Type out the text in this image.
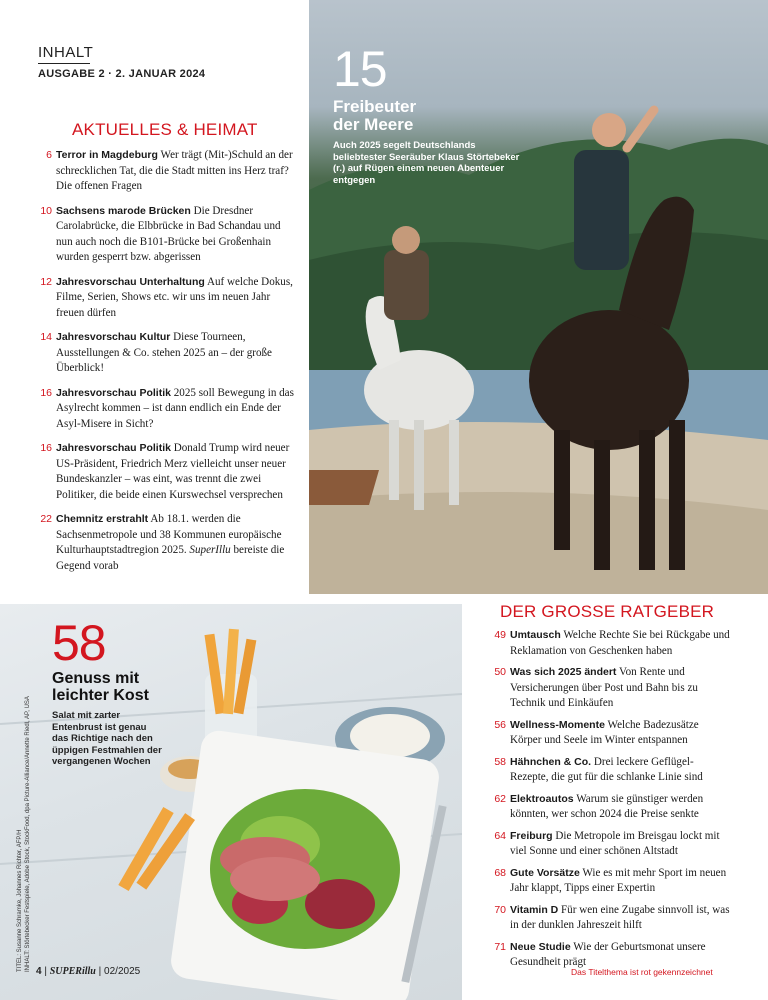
INHALT
AUSGABE 2 · 2. JANUAR 2024
AKTUELLES & HEIMAT
6 Terror in Magdeburg Wer trägt (Mit-)Schuld an der schrecklichen Tat, die die Stadt mitten ins Herz traf? Die offenen Fragen
10 Sachsens marode Brücken Die Dresdner Carolabrücke, die Elbbrücke in Bad Schandau und nun auch noch die B101-Brücke bei Großenhain wurden gesperrt bzw. abgerissen
12 Jahresvorschau Unterhaltung Auf welche Dokus, Filme, Serien, Shows etc. wir uns im neuen Jahr freuen dürfen
14 Jahresvorschau Kultur Diese Tourneen, Ausstellungen & Co. stehen 2025 an – der große Überblick!
16 Jahresvorschau Politik 2025 soll Bewegung in das Asylrecht kommen – ist dann endlich ein Ende der Asyl-Misere in Sicht?
16 Jahresvorschau Politik Donald Trump wird neuer US-Präsident, Friedrich Merz vielleicht unser neuer Bundeskanzler – was eint, was trennt die zwei Politiker, die beide einen Kurswechsel versprechen
22 Chemnitz erstrahlt Ab 18.1. werden die Sachsenmetropole und 38 Kommunen europäische Kulturhauptstadtregion 2025. SuperIllu bereiste die Gegend vorab
15
Freibeuter
der Meere
Auch 2025 segelt Deutschlands beliebtester Seeräuber Klaus Störtebeker (r.) auf Rügen einem neuen Abenteuer entgegen
58
Genuss mit
leichter Kost
Salat mit zarter Entenbrust ist genau das Richtige nach den üppigen Festmahlen der vergangenen Wochen
DER GROSSE RATGEBER
49 Umtausch Welche Rechte Sie bei Rückgabe und Reklamation von Geschenken haben
50 Was sich 2025 ändert Von Rente und Versicherungen über Post und Bahn bis zu Technik und Einkäufen
56 Wellness-Momente Welche Badezusätze Körper und Seele im Winter entspannen
58 Hähnchen & Co. Drei leckere Geflügel-Rezepte, die gut für die schlanke Linie sind
62 Elektroautos Warum sie günstiger werden könnten, wer schon 2024 die Preise senkte
64 Freiburg Die Metropole im Breisgau lockt mit viel Sonne und einer schönen Altstadt
68 Gute Vorsätze Wie es mit mehr Sport im neuen Jahr klappt, Tipps einer Expertin
70 Vitamin D Für wen eine Zugabe sinnvoll ist, was in der dunklen Jahreszeit hilft
71 Neue Studie Wie der Geburtsmonat unsere Gesundheit prägt
4 | SUPERillu | 02/2025	Das Titelthema ist rot gekennzeichnet
TITEL: Susanne Schramke, Johannes Richter, AFP/H INHALT: Störtebecker Festspiele, Adobe Stock, StockFood, dpa Picture-Alliance/Annette Riedl, AP, USA
